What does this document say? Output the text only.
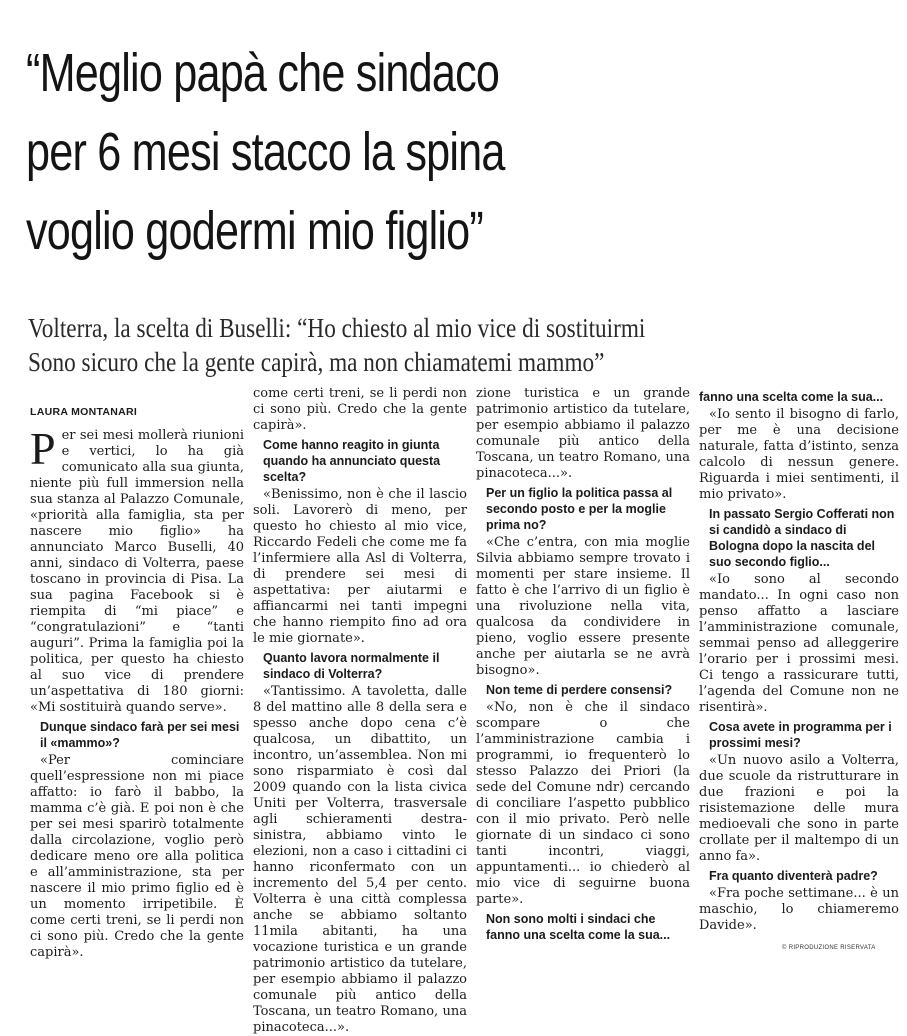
“Meglio papà che sindaco
per 6 mesi stacco la spina
voglio godermi mio figlio”
Volterra, la scelta di Buselli: “Ho chiesto al mio vice di sostituirmi
Sono sicuro che la gente capirà, ma non chiamatemi mammo”
LAURA MONTANARI

Per sei mesi mollerà riunioni e vertici, lo ha già comunicato alla sua giunta, niente più full immersion nella sua stanza al Palazzo Comunale, «priorità alla famiglia, sta per nascere mio figlio» ha annunciato Marco Buselli, 40 anni, sindaco di Volterra, paese toscano in provincia di Pisa. La sua pagina Facebook si è riempita di “mi piace” e “congratulazioni” e “tanti auguri”. Prima la famiglia poi la politica, per questo ha chiesto al suo vice di prendere un’aspettativa di 180 giorni: «Mi sostituirà quando serve».

Dunque sindaco farà per sei mesi il «mammo»?

«Per cominciare quell’espressione non mi piace affatto: io farò il babbo, la mamma c’è già. E poi non è che per sei mesi sparirò totalmente dalla circolazione, voglio però dedicare meno ore alla politica e all’amministrazione, sta per nascere il mio primo figlio ed è un momento irripetibile. È come certi treni, se li perdi non ci sono più. Credo che la gente capirà».

come certi treni, se li perdi non ci sono più. Credo che la gente capirà».

Come hanno reagito in giunta quando ha annunciato questa scelta?

«Benissimo, non è che il lascio soli. Lavorerò di meno, per questo ho chiesto al mio vice, Riccardo Fedeli che come me fa l’infermiere alla Asl di Volterra, di prendere sei mesi di aspettativa: per aiutarmi e affiancarmi nei tanti impegni che hanno riempito fino ad ora le mie giornate».

Quanto lavora normalmente il sindaco di Volterra?

«Tantissimo. A tavoletta, dalle 8 del mattino alle 8 della sera e spesso anche dopo cena c’è qualcosa, un dibattito, un incontro, un’assemblea. Non mi sono risparmiato è così dal 2009 quando con la lista civica Uniti per Volterra, trasversale agli schieramenti destra-sinistra, abbiamo vinto le elezioni, non a caso i cittadini ci hanno riconfermato con un incremento del 5,4 per cento. Volterra è una città complessa anche se abbiamo soltanto 11mila abitanti, ha una vocazione turistica e un grande patrimonio artistico da tutelare, per esempio abbiamo il palazzo comunale più antico della Toscana, un teatro Romano, una pinacoteca...».

zione turistica e un grande patrimonio artistico da tutelare, per esempio abbiamo il palazzo comunale più antico della Toscana, un teatro Romano, una pinacoteca...».

Per un figlio la politica passa al secondo posto e per la moglie prima no?

«Che c’entra, con mia moglie Silvia abbiamo sempre trovato i momenti per stare insieme. Il fatto è che l’arrivo di un figlio è una rivoluzione nella vita, qualcosa da condividere in pieno, voglio essere presente anche per aiutarla se ne avrà bisogno».

Non teme di perdere consensi?

«No, non è che il sindaco scompare o che l’amministrazione cambia i programmi, io frequenterò lo stesso Palazzo dei Priori (la sede del Comune ndr) cercando di conciliare l’aspetto pubblico con il mio privato. Però nelle giornate di un sindaco ci sono tanti incontri, viaggi, appuntamenti... io chiederò al mio vice di seguirne buona parte».

Non sono molti i sindaci che fanno una scelta come la sua...
fanno una scelta come la sua...

«Io sento il bisogno di farlo, per me è una decisione naturale, fatta d’istinto, senza calcolo di nessun genere. Riguarda i miei sentimenti, il mio privato».

In passato Sergio Cofferati non si candidò a sindaco di Bologna dopo la nascita del suo secondo figlio...

«Io sono al secondo mandato... In ogni caso non penso affatto a lasciare l’amministrazione comunale, semmai penso ad alleggerire l’orario per i prossimi mesi. Ci tengo a rassicurare tutti, l’agenda del Comune non ne risentirà».

Cosa avete in programma per i prossimi mesi?

«Un nuovo asilo a Volterra, due scuole da ristrutturare in due frazioni e poi la risistemazione delle mura medioevali che sono in parte crollate per il maltempo di un anno fa».

Fra quanto diventerà padre?

«Fra poche settimane... è un maschio, lo chiameremo Davide».

© RIPRODUZIONE RISERVATA
